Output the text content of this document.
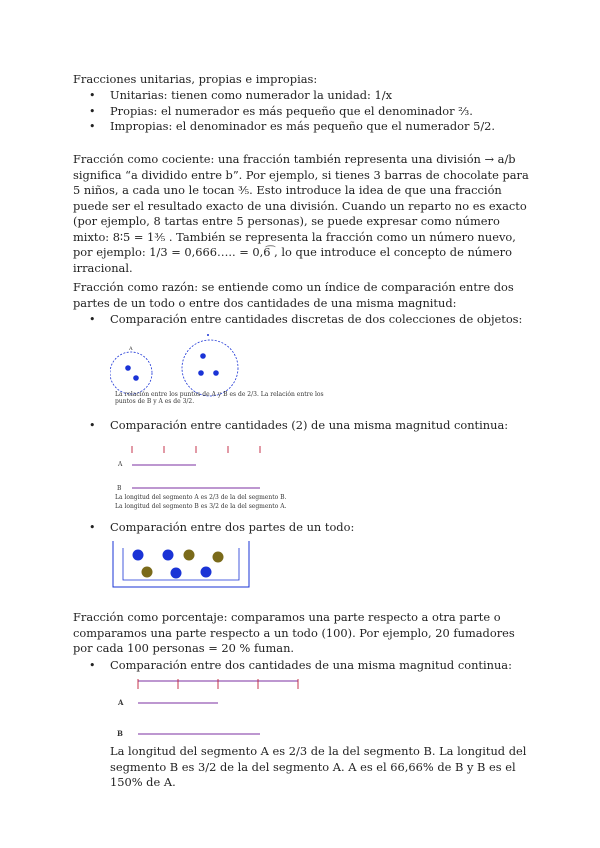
Fracciones unitarias, propias e impropias:

• Unitarias: tienen como numerador la unidad: 1/x
• Propias: el numerador es más pequeño que el denominador ⅔.
• Impropias: el denominador es más pequeño que el numerador 5/2.

Fracción como cociente: una fracción también representa una división → a/b significa “a dividido entre b”. Por ejemplo, si tienes 3 barras de chocolate para 5 niños, a cada uno le tocan ⅗. Esto introduce la idea de que una fracción puede ser el resultado exacto de una división. Cuando un reparto no es exacto (por ejemplo, 8 tartas entre 5 personas), se puede expresar como número mixto: 8∶5 = 1⅗ . También se representa la fracción como un número nuevo, por ejemplo: 1/3 = 0,666….. = 0,6͡ , lo que introduce el concepto de número irracional.

Fracción como razón: se entiende como un índice de comparación entre dos partes de un todo o entre dos cantidades de una misma magnitud:

• Comparación entre cantidades discretas de dos colecciones de objetos:
A
La relación entre los puntos de A y B es de 2/3. La relación entre los puntos de B y A es de 3/2.
• Comparación entre cantidades (2) de una misma magnitud continua:
A
B
La longitud del segmento A es 2/3 de la del segmento B.
La longitud del segmento B es 3/2 de la del segmento A.
• Comparación entre dos partes de un todo:

Fracción como porcentaje: comparamos una parte respecto a otra parte o comparamos una parte respecto a un todo (100). Por ejemplo, 20 fumadores por cada 100 personas = 20 % fuman.

• Comparación entre dos cantidades de una misma magnitud continua:
A
B

La longitud del segmento A es 2/3 de la del segmento B. La longitud del segmento B es 3/2 de la del segmento A. A es el 66,66% de B y B es el 150% de A.
